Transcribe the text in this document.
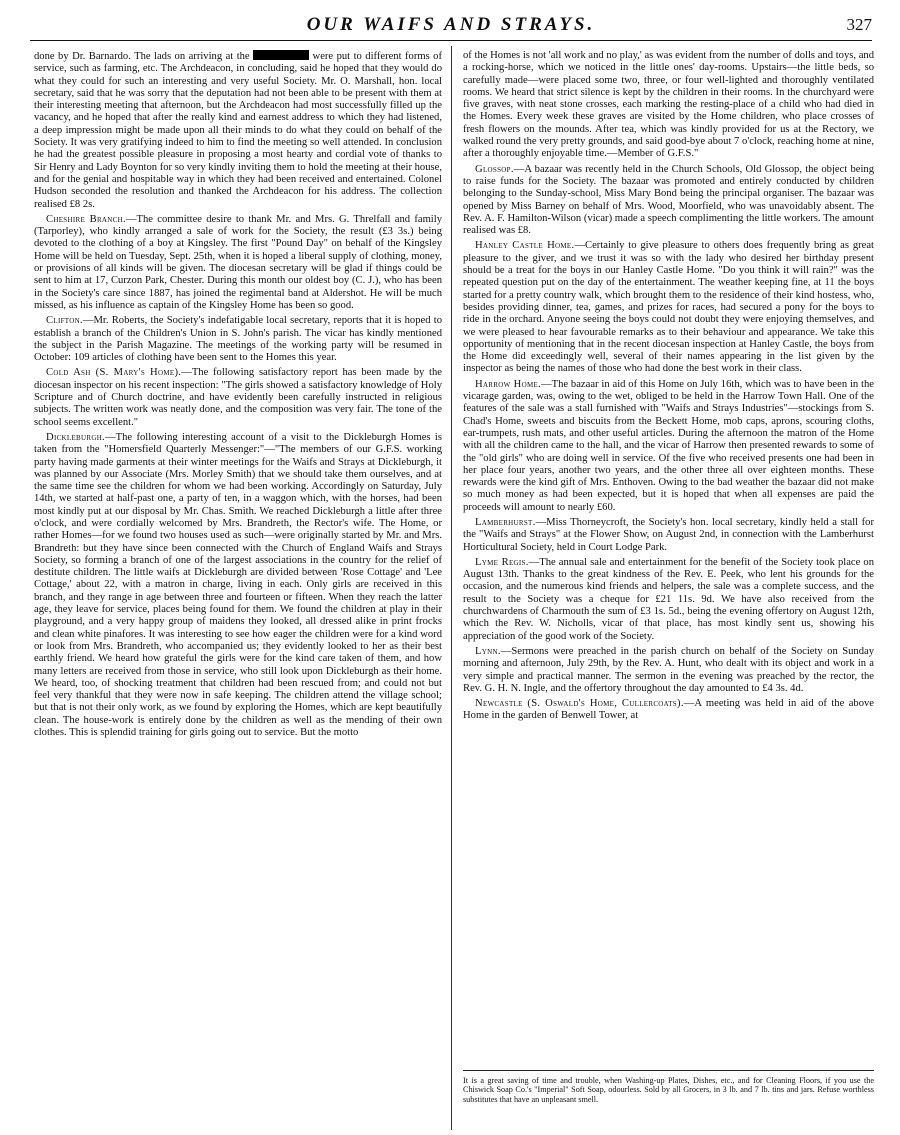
OUR WAIFS AND STRAYS.	327

done by Dr. Barnardo. The lads on arriving at the	were put to different forms of service, such as farming, etc. The Archdeacon, in concluding, said he hoped that they would do what they could for such an interesting and very useful Society. Mr. O. Marshall, hon. local secretary, said that he was sorry that the deputation had not been able to be present with them at their interesting meeting that afternoon, but the Archdeacon had most successfully filled up the vacancy, and he hoped that after the really kind and earnest address to which they had listened, a deep impression might be made upon all their minds to do what they could on behalf of the Society. It was very gratifying indeed to him to find the meeting so well attended. In conclusion he had the greatest possible pleasure in proposing a most hearty and cordial vote of thanks to Sir Henry and Lady Boynton for so very kindly inviting them to hold the meeting at their house, and for the genial and hospitable way in which they had been received and entertained. Colonel Hudson seconded the resolution and thanked the Archdeacon for his address. The collection realised £8 2s.

Cheshire Branch.—The committee desire to thank Mr. and Mrs. G. Threlfall and family (Tarporley), who kindly arranged a sale of work for the Society, the result (£3 3s.) being devoted to the clothing of a boy at Kingsley. The first "Pound Day" on behalf of the Kingsley Home will be held on Tuesday, Sept. 25th, when it is hoped a liberal supply of clothing, money, or provisions of all kinds will be given. The diocesan secretary will be glad if things could be sent to him at 17, Curzon Park, Chester. During this month our oldest boy (C. J.), who has been in the Society's care since 1887, has joined the regimental band at Aldershot. He will be much missed, as his influence as captain of the Kingsley Home has been so good.

Clifton.—Mr. Roberts, the Society's indefatigable local secretary, reports that it is hoped to establish a branch of the Children's Union in S. John's parish. The vicar has kindly mentioned the subject in the Parish Magazine. The meetings of the working party will be resumed in October: 109 articles of clothing have been sent to the Homes this year.

Cold Ash (S. Mary's Home).—The following satisfactory report has been made by the diocesan inspector on his recent inspection: "The girls showed a satisfactory knowledge of Holy Scripture and of Church doctrine, and have evidently been carefully instructed in religious subjects. The written work was neatly done, and the composition was very fair. The tone of the school seems excellent."

Dickleburgh.—The following interesting account of a visit to the Dickleburgh Homes is taken from the "Homersfield Quarterly Messenger:"—"The members of our G.F.S. working party having made garments at their winter meetings for the Waifs and Strays at Dickleburgh, it was planned by our Associate (Mrs. Morley Smith) that we should take them ourselves, and at the same time see the children for whom we had been working. Accordingly on Saturday, July 14th, we started at half-past one, a party of ten, in a waggon which, with the horses, had been most kindly put at our disposal by Mr. Chas. Smith. We reached Dickleburgh a little after three o'clock, and were cordially welcomed by Mrs. Brandreth, the Rector's wife. The Home, or rather Homes—for we found two houses used as such—were originally started by Mr. and Mrs. Brandreth: but they have since been connected with the Church of England Waifs and Strays Society, so forming a branch of one of the largest associations in the country for the relief of destitute children. The little waifs at Dickleburgh are divided between 'Rose Cottage' and 'Lee Cottage,' about 22, with a matron in charge, living in each. Only girls are received in this branch, and they range in age between three and fourteen or fifteen. When they reach the latter age, they leave for service, places being found for them. We found the children at play in their playground, and a very happy group of maidens they looked, all dressed alike in print frocks and clean white pinafores. It was interesting to see how eager the children were for a kind word or look from Mrs. Brandreth, who accompanied us; they evidently looked to her as their best earthly friend. We heard how grateful the girls were for the kind care taken of them, and how many letters are received from those in service, who still look upon Dickleburgh as their home. We heard, too, of shocking treatment that children had been rescued from; and could not but feel very thankful that they were now in safe keeping. The children attend the village school; but that is not their only work, as we found by exploring the Homes, which are kept beautifully clean. The house-work is entirely done by the children as well as the mending of their own clothes. This is splendid training for girls going out to service. But the motto

of the Homes is not 'all work and no play,' as was evident from the number of dolls and toys, and a rocking-horse, which we noticed in the little ones' day-rooms. Upstairs—the little beds, so carefully made—were placed some two, three, or four well-lighted and thoroughly ventilated rooms. We heard that strict silence is kept by the children in their rooms. In the churchyard were five graves, with neat stone crosses, each marking the resting-place of a child who had died in the Homes. Every week these graves are visited by the Home children, who place crosses of fresh flowers on the mounds. After tea, which was kindly provided for us at the Rectory, we walked round the very pretty grounds, and said good-bye about 7 o'clock, reaching home at nine, after a thoroughly enjoyable time.—Member of G.F.S."

Glossop.—A bazaar was recently held in the Church Schools, Old Glossop, the object being to raise funds for the Society. The bazaar was promoted and entirely conducted by children belonging to the Sunday-school, Miss Mary Bond being the principal organiser. The bazaar was opened by Miss Barney on behalf of Mrs. Wood, Moorfield, who was unavoidably absent. The Rev. A. F. Hamilton-Wilson (vicar) made a speech complimenting the little workers. The amount realised was £8.

Hanley Castle Home.—Certainly to give pleasure to others does frequently bring as great pleasure to the giver, and we trust it was so with the lady who desired her birthday present should be a treat for the boys in our Hanley Castle Home. "Do you think it will rain?" was the repeated question put on the day of the entertainment. The weather keeping fine, at 11 the boys started for a pretty country walk, which brought them to the residence of their kind hostess, who, besides providing dinner, tea, games, and prizes for races, had secured a pony for the boys to ride in the orchard. Anyone seeing the boys could not doubt they were enjoying themselves, and we were pleased to hear favourable remarks as to their behaviour and appearance. We take this opportunity of mentioning that in the recent diocesan inspection at Hanley Castle, the boys from the Home did exceedingly well, several of their names appearing in the list given by the inspector as being the names of those who had done the best work in their class.

Harrow Home.—The bazaar in aid of this Home on July 16th, which was to have been in the vicarage garden, was, owing to the wet, obliged to be held in the Harrow Town Hall. One of the features of the sale was a stall furnished with "Waifs and Strays Industries"—stockings from S. Chad's Home, sweets and biscuits from the Beckett Home, mob caps, aprons, scouring cloths, ear-trumpets, rush mats, and other useful articles. During the afternoon the matron of the Home with all the children came to the hall, and the vicar of Harrow then presented rewards to some of the "old girls" who are doing well in service. Of the five who received presents one had been in her place four years, another two years, and the other three all over eighteen months. These rewards were the kind gift of Mrs. Enthoven. Owing to the bad weather the bazaar did not make so much money as had been expected, but it is hoped that when all expenses are paid the proceeds will amount to nearly £60.

Lamberhurst.—Miss Thorneycroft, the Society's hon. local secretary, kindly held a stall for the "Waifs and Strays" at the Flower Show, on August 2nd, in connection with the Lamberhurst Horticultural Society, held in Court Lodge Park.

Lyme Regis.—The annual sale and entertainment for the benefit of the Society took place on August 13th. Thanks to the great kindness of the Rev. E. Peek, who lent his grounds for the occasion, and the numerous kind friends and helpers, the sale was a complete success, and the result to the Society was a cheque for £21 11s. 9d. We have also received from the churchwardens of Charmouth the sum of £3 1s. 5d., being the evening offertory on August 12th, which the Rev. W. Nicholls, vicar of that place, has most kindly sent us, showing his appreciation of the good work of the Society.

Lynn.—Sermons were preached in the parish church on behalf of the Society on Sunday morning and afternoon, July 29th, by the Rev. A. Hunt, who dealt with its object and work in a very simple and practical manner. The sermon in the evening was preached by the rector, the Rev. G. H. N. Ingle, and the offertory throughout the day amounted to £4 3s. 4d.

Newcastle (S. Oswald's Home, Cullercoats).—A meeting was held in aid of the above Home in the garden of Benwell Tower, at

It is a great saving of time and trouble, when Washing-up Plates, Dishes, etc., and for Cleaning Floors, if you use the Chiswick Soap Co.'s "Imperial" Soft Soap, odourless. Sold by all Grocers, in 3 lb. and 7 lb. tins and jars. Refuse worthless substitutes that have an unpleasant smell.
